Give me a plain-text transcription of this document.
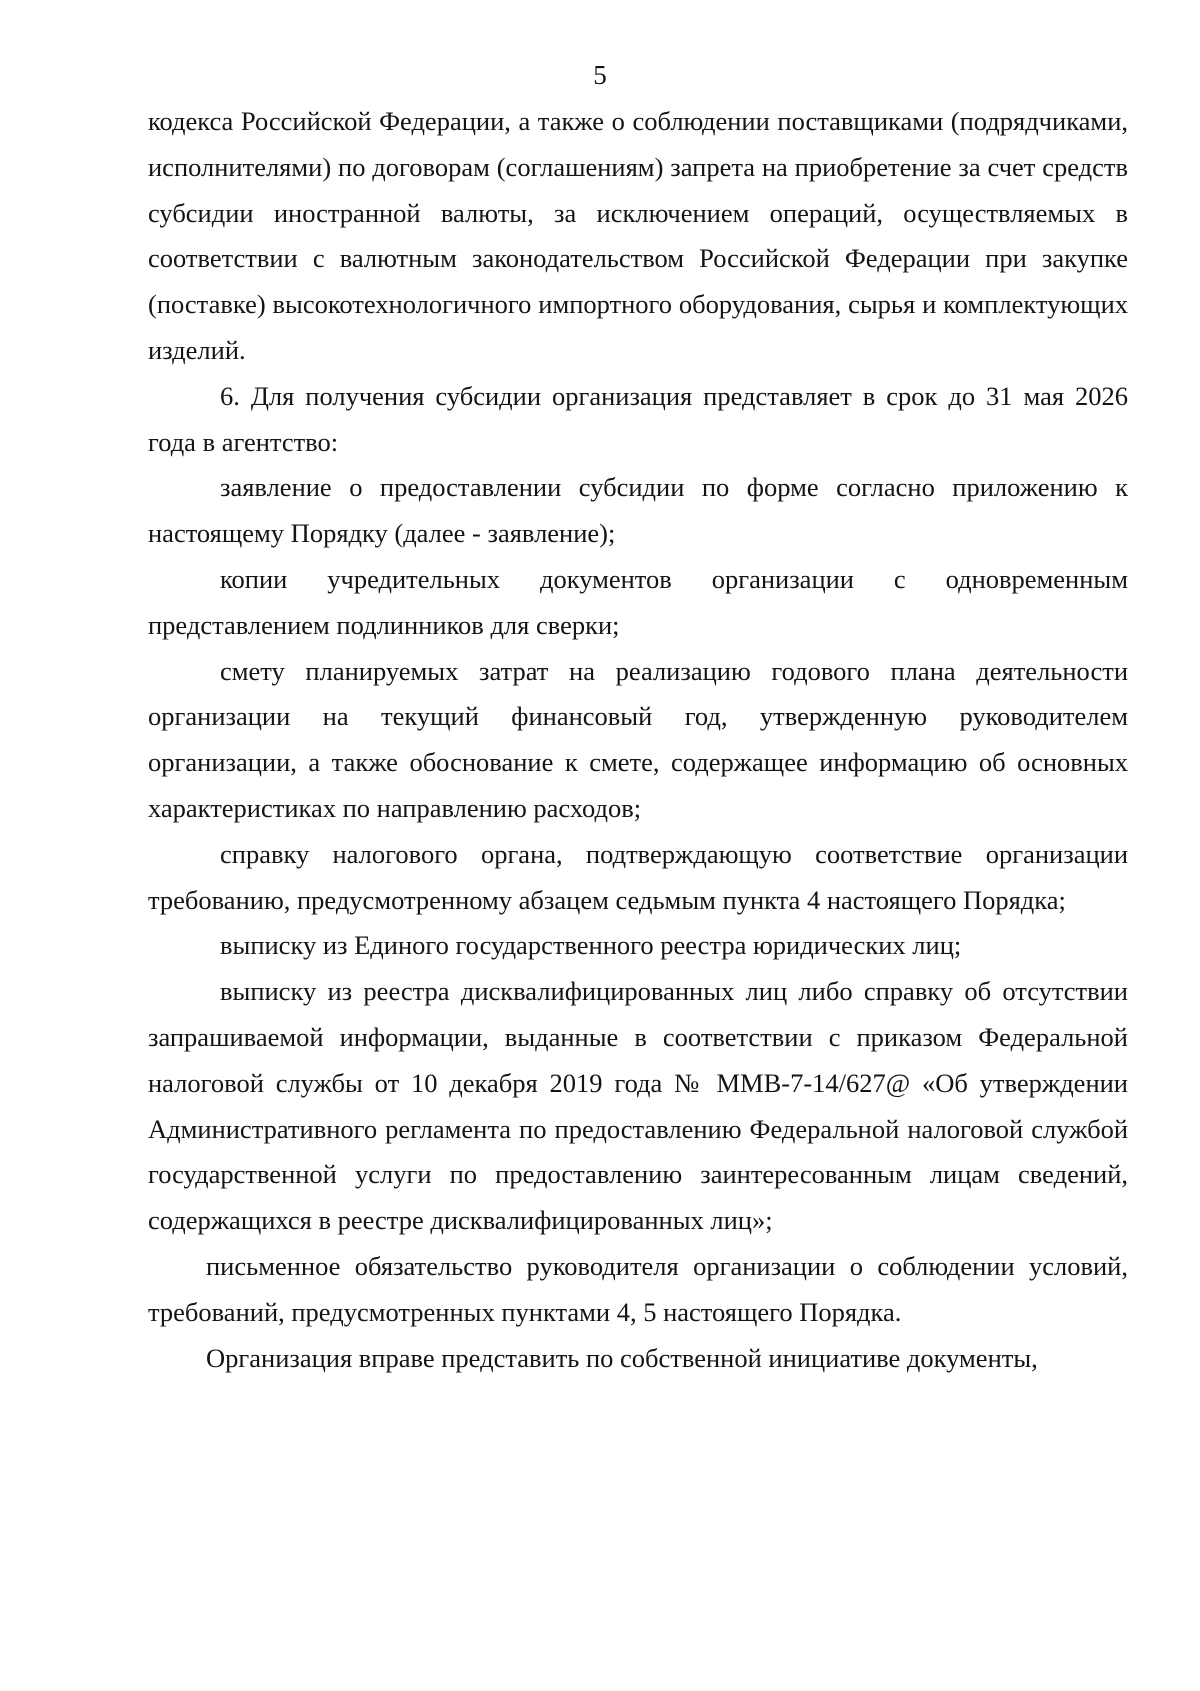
5

кодекса Российской Федерации, а также о соблюдении поставщиками (подрядчиками, исполнителями) по договорам (соглашениям) запрета на приобретение за счет средств субсидии иностранной валюты, за исключением операций, осуществляемых в соответствии с валютным законодательством Российской Федерации при закупке (поставке) высокотехнологичного импортного оборудования, сырья и комплектующих изделий.

6. Для получения субсидии организация представляет в срок до 31 мая 2026 года в агентство:

заявление о предоставлении субсидии по форме согласно приложению к настоящему Порядку (далее - заявление);

копии учредительных документов организации с одновременным представлением подлинников для сверки;

смету планируемых затрат на реализацию годового плана деятельности организации на текущий финансовый год, утвержденную руководителем организации, а также обоснование к смете, содержащее информацию об основных характеристиках по направлению расходов;

справку налогового органа, подтверждающую соответствие организации требованию, предусмотренному абзацем седьмым пункта 4 настоящего Порядка;

выписку из Единого государственного реестра юридических лиц;

выписку из реестра дисквалифицированных лиц либо справку об отсутствии запрашиваемой информации, выданные в соответствии с приказом Федеральной налоговой службы от 10 декабря 2019 года № ММВ-7-14/627@ «Об утверждении Административного регламента по предоставлению Федеральной налоговой службой государственной услуги по предоставлению заинтересованным лицам сведений, содержащихся в реестре дисквалифицированных лиц»;

письменное обязательство руководителя организации о соблюдении условий, требований, предусмотренных пунктами 4, 5 настоящего Порядка.

Организация вправе представить по собственной инициативе документы,
